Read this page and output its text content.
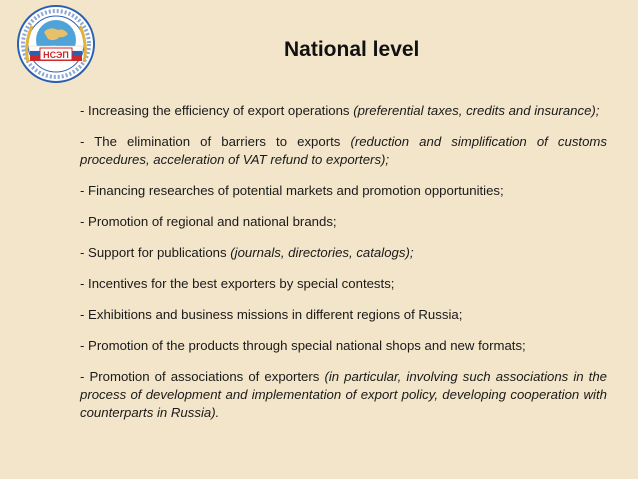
НСЭП	National level

- Increasing the efficiency of export operations (preferential taxes, credits and insurance);

- The elimination of barriers to exports (reduction and simplification of customs procedures, acceleration of VAT refund to exporters);

- Financing researches of potential markets and promotion opportunities;

- Promotion of regional and national brands;

- Support for publications (journals, directories, catalogs);

- Incentives for the best exporters by special contests;

- Exhibitions and business missions in different regions of Russia;

- Promotion of the products through special national shops and new formats;

- Promotion of associations of exporters (in particular, involving such associations in the process of development and implementation of export policy, developing cooperation with counterparts in Russia).
